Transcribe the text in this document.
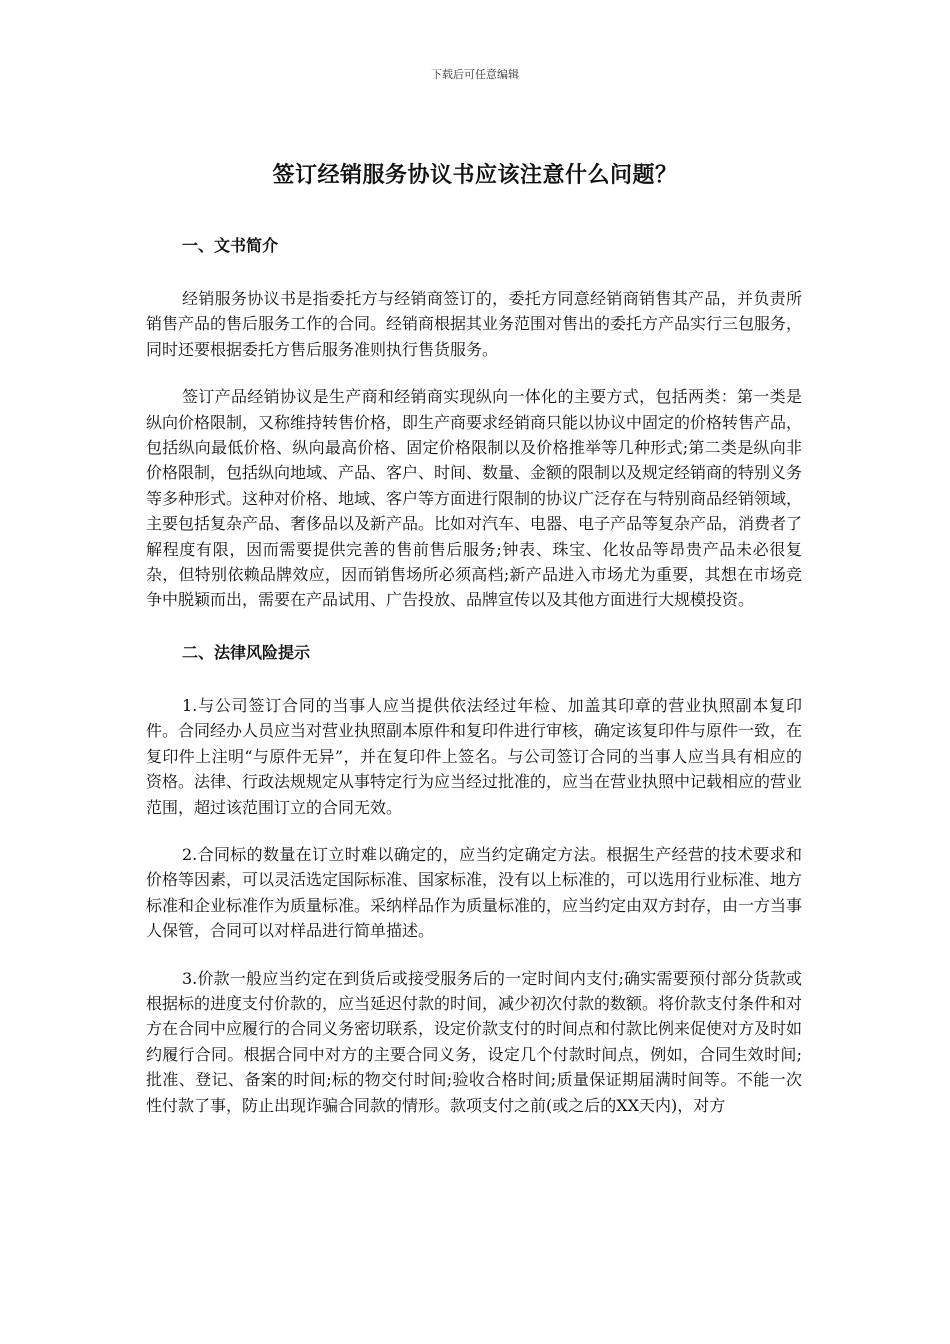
下载后可任意编辑
签订经销服务协议书应该注意什么问题？
一、文书简介

经销服务协议书是指委托方与经销商签订的，委托方同意经销商销售其产品，并负责所销售产品的售后服务工作的合同。经销商根据其业务范围对售出的委托方产品实行三包服务，同时还要根据委托方售后服务准则执行售货服务。

签订产品经销协议是生产商和经销商实现纵向一体化的主要方式，包括两类：第一类是纵向价格限制，又称维持转售价格，即生产商要求经销商只能以协议中固定的价格转售产品，包括纵向最低价格、纵向最高价格、固定价格限制以及价格推举等几种形式;第二类是纵向非价格限制，包括纵向地域、产品、客户、时间、数量、金额的限制以及规定经销商的特别义务等多种形式。这种对价格、地域、客户等方面进行限制的协议广泛存在与特别商品经销领域，主要包括复杂产品、奢侈品以及新产品。比如对汽车、电器、电子产品等复杂产品，消费者了解程度有限，因而需要提供完善的售前售后服务;钟表、珠宝、化妆品等昂贵产品未必很复杂，但特别依赖品牌效应，因而销售场所必须高档;新产品进入市场尤为重要，其想在市场竞争中脱颖而出，需要在产品试用、广告投放、品牌宣传以及其他方面进行大规模投资。

二、法律风险提示

1.与公司签订合同的当事人应当提供依法经过年检、加盖其印章的营业执照副本复印件。合同经办人员应当对营业执照副本原件和复印件进行审核，确定该复印件与原件一致，在复印件上注明“与原件无异”，并在复印件上签名。与公司签订合同的当事人应当具有相应的资格。法律、行政法规规定从事特定行为应当经过批准的，应当在营业执照中记载相应的营业范围，超过该范围订立的合同无效。

2.合同标的数量在订立时难以确定的，应当约定确定方法。根据生产经营的技术要求和价格等因素，可以灵活选定国际标准、国家标准，没有以上标准的，可以选用行业标准、地方标准和企业标准作为质量标准。采纳样品作为质量标准的，应当约定由双方封存，由一方当事人保管，合同可以对样品进行简单描述。

3.价款一般应当约定在到货后或接受服务后的一定时间内支付;确实需要预付部分货款或根据标的进度支付价款的，应当延迟付款的时间，减少初次付款的数额。将价款支付条件和对方在合同中应履行的合同义务密切联系，设定价款支付的时间点和付款比例来促使对方及时如约履行合同。根据合同中对方的主要合同义务，设定几个付款时间点，例如，合同生效时间;批准、登记、备案的时间;标的物交付时间;验收合格时间;质量保证期届满时间等。不能一次性付款了事，防止出现诈骗合同款的情形。款项支付之前(或之后的XX天内)，对方
